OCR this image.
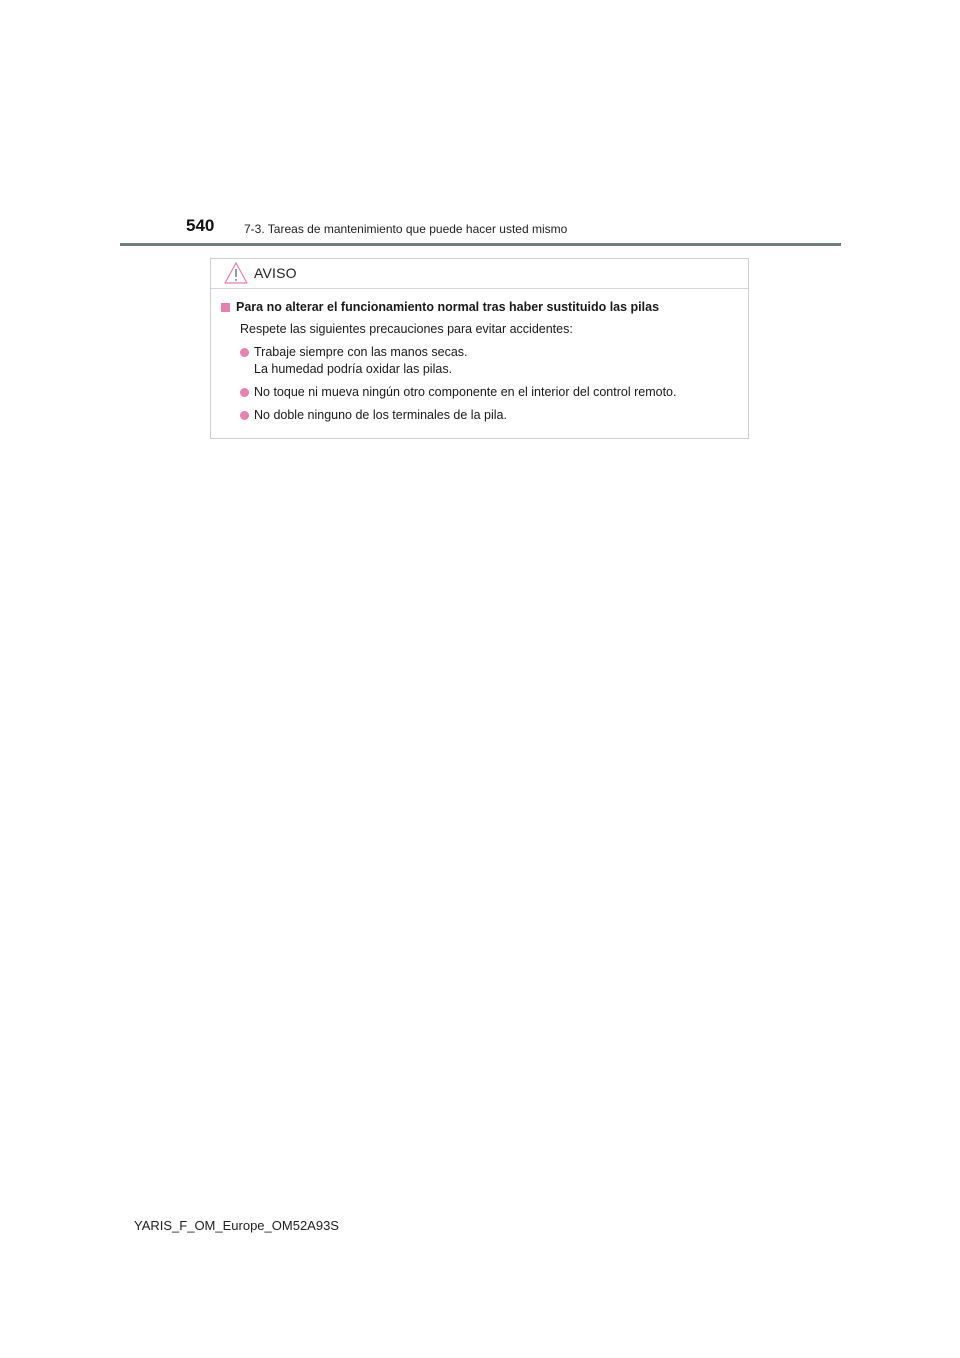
540 7-3. Tareas de mantenimiento que puede hacer usted mismo
AVISO
Para no alterar el funcionamiento normal tras haber sustituido las pilas
Respete las siguientes precauciones para evitar accidentes:
Trabaje siempre con las manos secas.
La humedad podría oxidar las pilas.
No toque ni mueva ningún otro componente en el interior del control remoto.
No doble ninguno de los terminales de la pila.
YARIS_F_OM_Europe_OM52A93S
